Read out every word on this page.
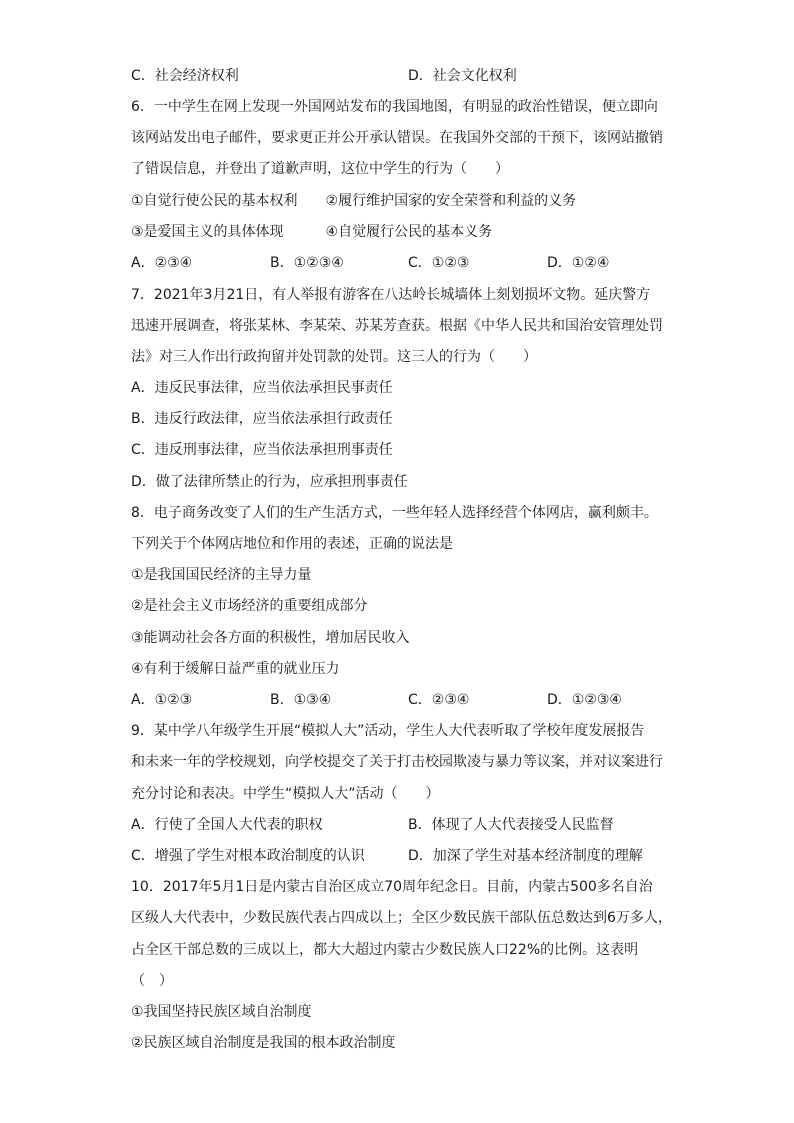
C．社会经济权利	D．社会文化权利
6．一中学生在网上发现一外国网站发布的我国地图，有明显的政治性错误，便立即向
该网站发出电子邮件，要求更正并公开承认错误。在我国外交部的干预下，该网站撤销
了错误信息，并登出了道歉声明，这位中学生的行为（　　）
①自觉行使公民的基本权利　　②履行维护国家的安全荣誉和利益的义务
③是爱国主义的具体体现　　　④自觉履行公民的基本义务
A．②③④	B．①②③④	C．①②③	D．①②④
7．2021年3月21日，有人举报有游客在八达岭长城墙体上刻划损坏文物。延庆警方
迅速开展调查，将张某林、李某荣、苏某芳查获。根据《中华人民共和国治安管理处罚
法》对三人作出行政拘留并处罚款的处罚。这三人的行为（　　）
A．违反民事法律，应当依法承担民事责任
B．违反行政法律，应当依法承担行政责任
C．违反刑事法律，应当依法承担刑事责任
D．做了法律所禁止的行为，应承担刑事责任
8．电子商务改变了人们的生产生活方式，一些年轻人选择经营个体网店，赢利颇丰。
下列关于个体网店地位和作用的表述，正确的说法是
①是我国国民经济的主导力量
②是社会主义市场经济的重要组成部分
③能调动社会各方面的积极性，增加居民收入
④有利于缓解日益严重的就业压力
A．①②③	B．①③④	C．②③④	D．①②③④
9．某中学八年级学生开展“模拟人大”活动，学生人大代表听取了学校年度发展报告
和未来一年的学校规划，向学校提交了关于打击校园欺凌与暴力等议案，并对议案进行
充分讨论和表决。中学生“模拟人大”活动（　　）
A．行使了全国人大代表的职权	B．体现了人大代表接受人民监督
C．增强了学生对根本政治制度的认识	D．加深了学生对基本经济制度的理解
10．2017年5月1日是内蒙古自治区成立70周年纪念日。目前，内蒙古500多名自治
区级人大代表中，少数民族代表占四成以上；全区少数民族干部队伍总数达到6万多人，
占全区干部总数的三成以上，都大大超过内蒙古少数民族人口22%的比例。这表明
（　）
①我国坚持民族区域自治制度
②民族区域自治制度是我国的根本政治制度
